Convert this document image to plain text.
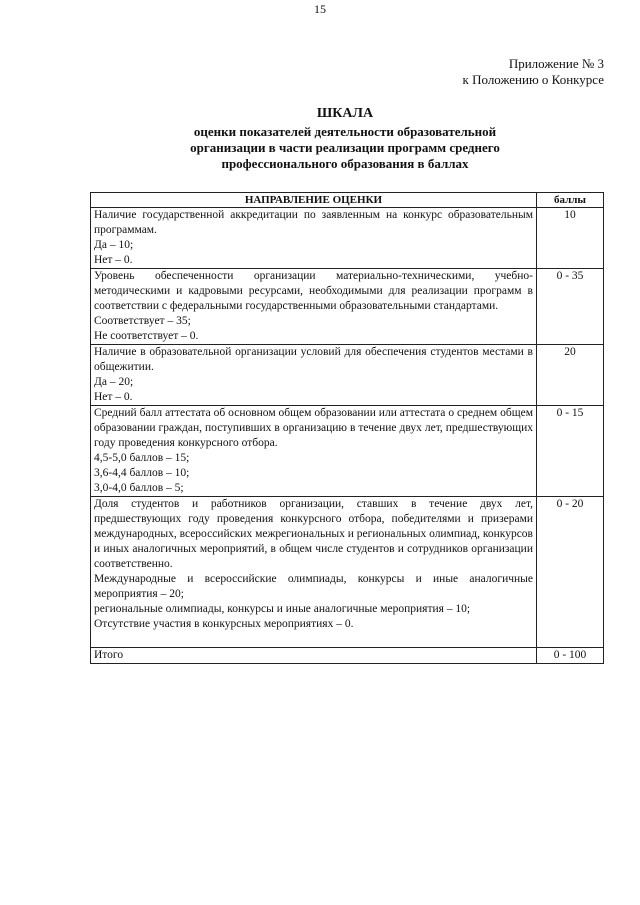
15
Приложение № 3
к Положению о Конкурсе
ШКАЛА
оценки показателей деятельности образовательной
организации в части реализации программ среднего
профессионального образования в баллах
НАПРАВЛЕНИЕ ОЦЕНКИ	баллы

Наличие государственной аккредитации по заявленным на конкурс образовательным программам.
Да – 10;
Нет – 0.	10

Уровень обеспеченности организации материально-техническими, учебно-методическими и кадровыми ресурсами, необходимыми для реализации программ в соответствии с федеральными государственными образовательными стандартами.
Соответствует – 35;
Не соответствует – 0.	0 - 35

Наличие в образовательной организации условий для обеспечения студентов местами в общежитии.
Да – 20;
Нет – 0.	20

Средний балл аттестата об основном общем образовании или аттестата о среднем общем образовании граждан, поступивших в организацию в течение двух лет, предшествующих году проведения конкурсного отбора.
4,5-5,0 баллов – 15;
3,6-4,4 баллов – 10;
3,0-4,0 баллов – 5;	0 - 15

Доля студентов и работников организации, ставших в течение двух лет, предшествующих году проведения конкурсного отбора, победителями и призерами международных, всероссийских межрегиональных и региональных олимпиад, конкурсов и иных аналогичных мероприятий, в общем числе студентов и сотрудников организации соответственно.
Международные и всероссийские олимпиады, конкурсы и иные аналогичные мероприятия – 20;
региональные олимпиады, конкурсы и иные аналогичные мероприятия – 10;
Отсутствие участия в конкурсных мероприятиях – 0.	0 - 20
Итого	0 - 100
